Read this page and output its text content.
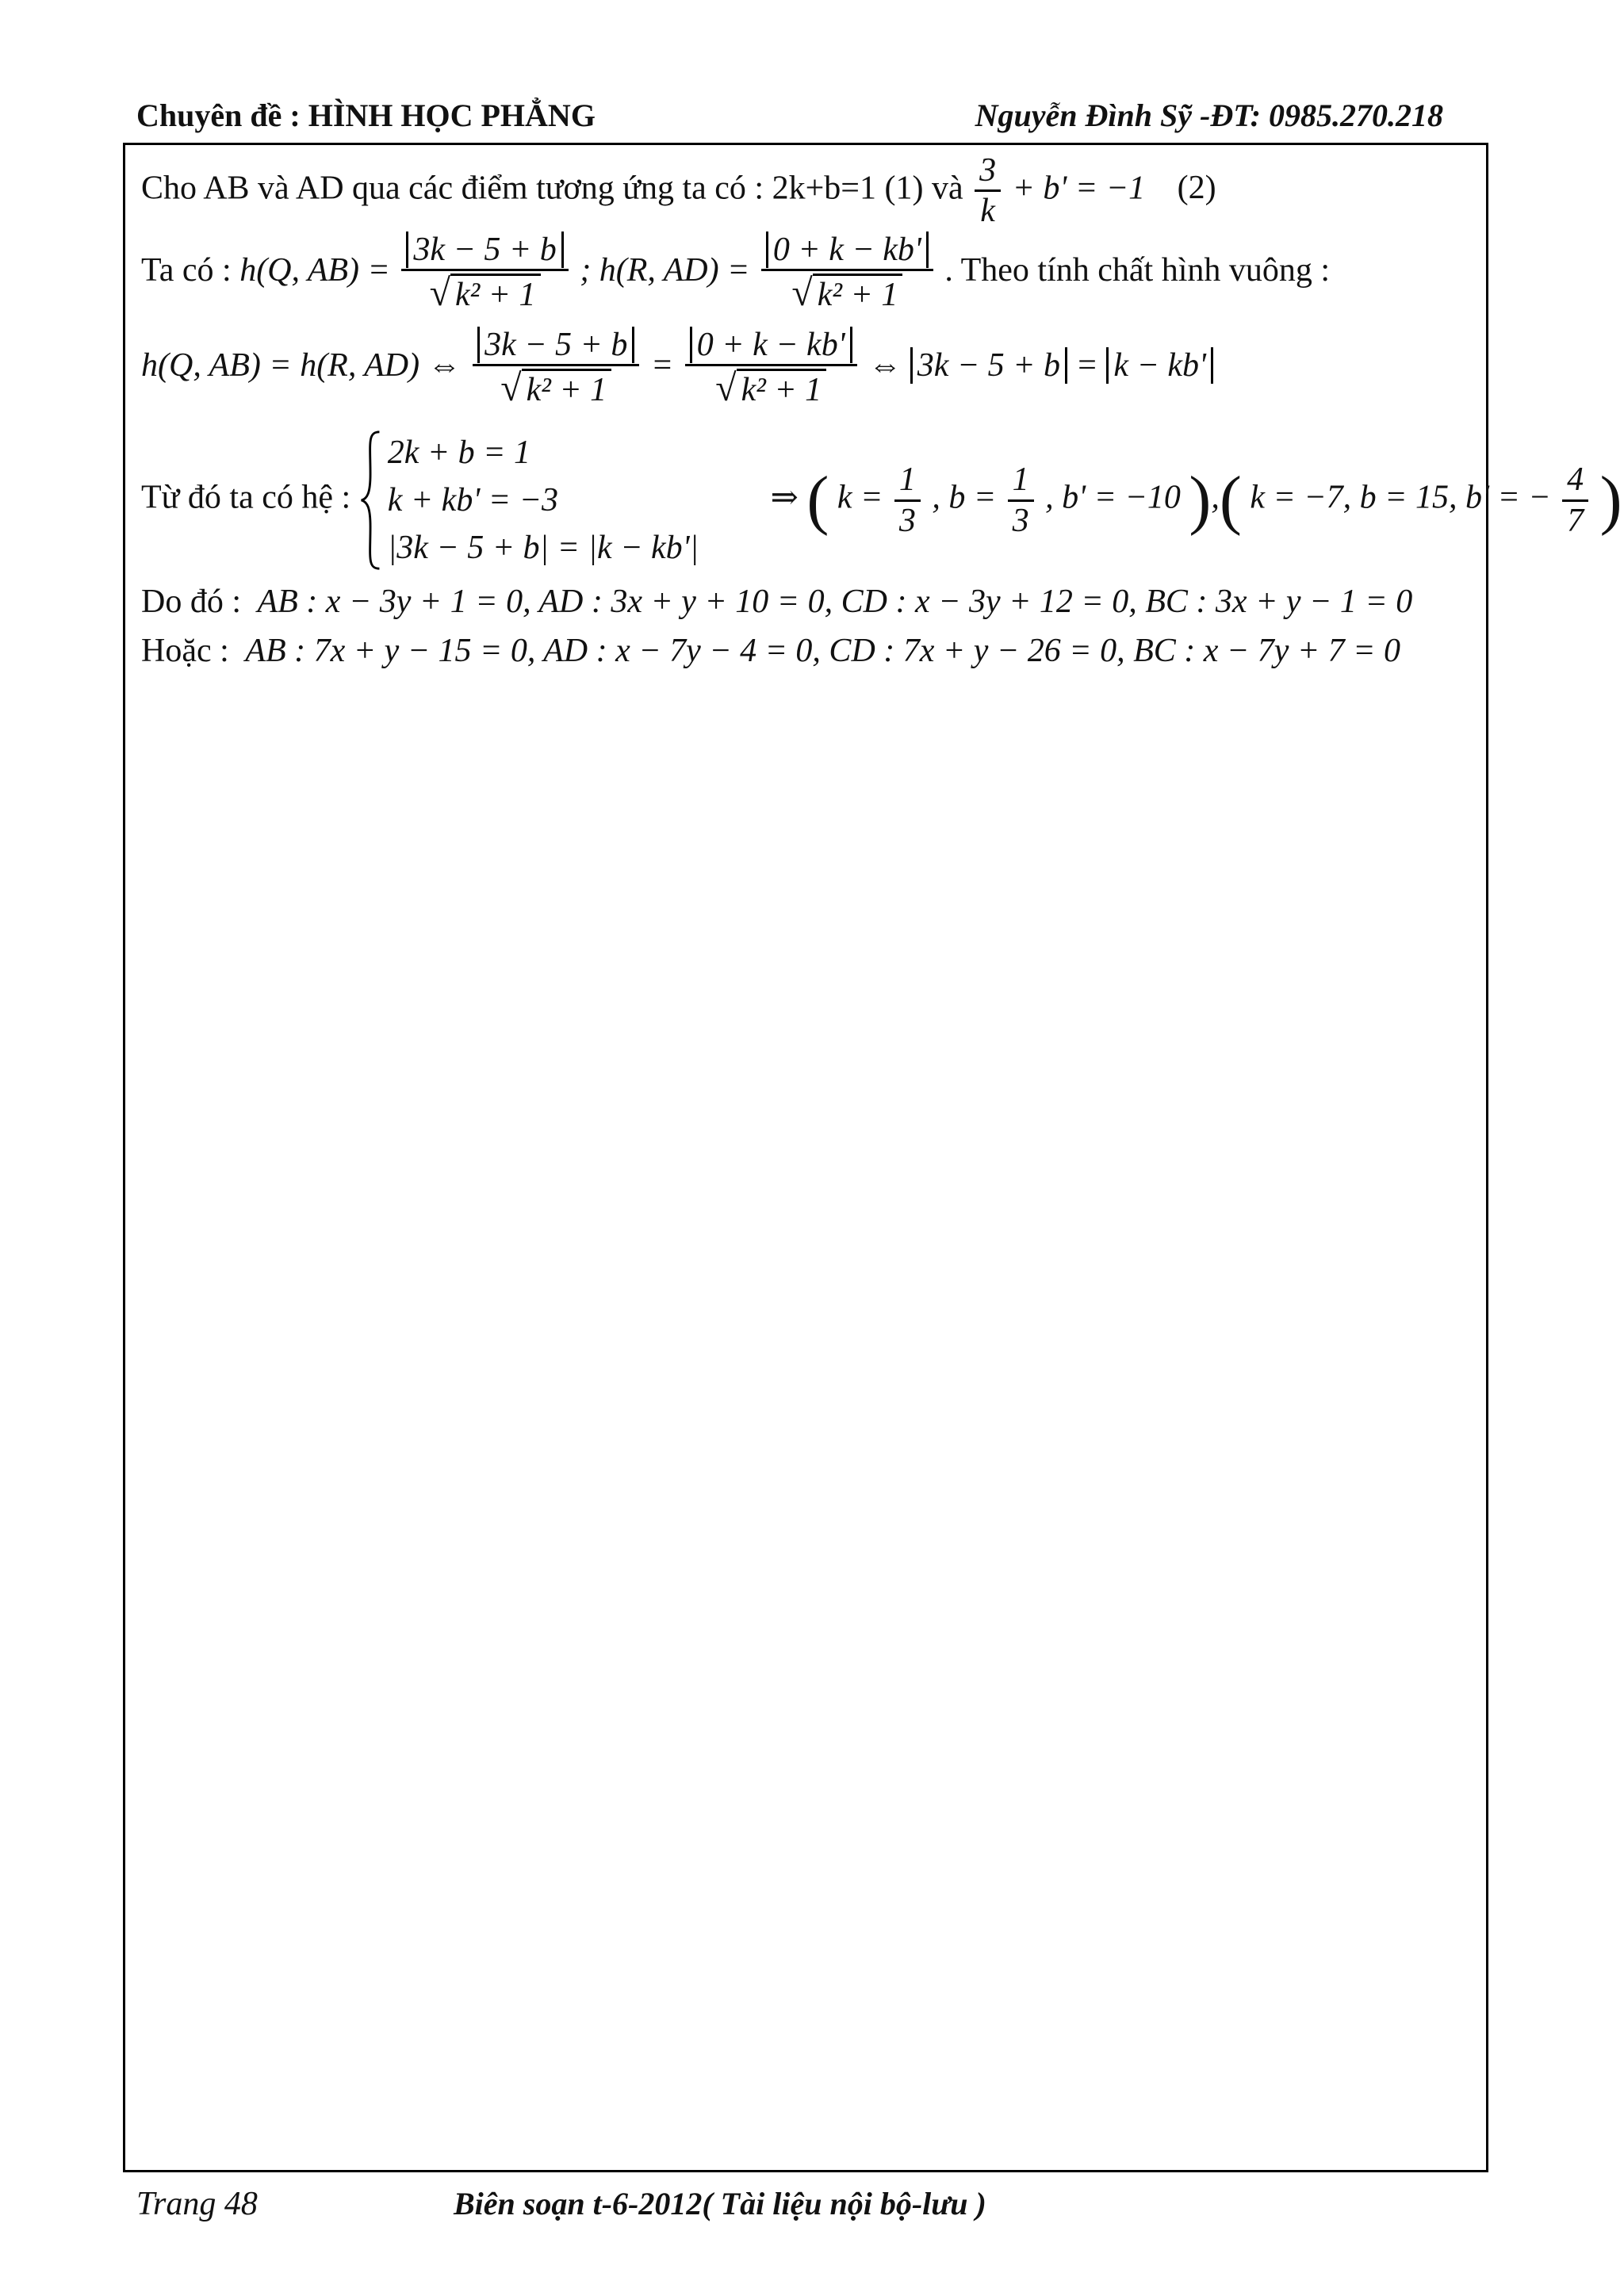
Chuyên đề : HÌNH HỌC PHẲNG	Nguyễn Đình Sỹ -ĐT: 0985.270.218
Cho AB và AD qua các điểm tương ứng ta có : 2k+b=1 (1) và $\frac{3}{k} + b' = -1$ (2)
Ta có : h(Q, $AB) = \frac{3k - 5 + b}{\text{√ k² + 1}}$ ; h(R, $AD) = \frac{0 + k - kb'}{\text{√ k² + 1}}$ . Theo tính chất hình vuông :
h(Q, AB) = h(R, AD) ⇔ $\frac{3k - 5 + b}{\text{√ k² + 1}} = \frac{0 + k - kb'}{\text{√ k² + 1}}$ ⇔ 3k − 5 + b = k − kb'
Từ đó ta có hệ :
2k + b = 1
k + kb' = −3
|3k − 5 + b| = |k − kb'|
⇒ ( $k = \frac{1}{3}$ , $b = \frac{1}{3}$ , b' = −10 ),( k = −7, b = 15, b' = − $\frac{4}{7}$ )
Do đó : AB : x − 3y + 1 = 0, AD : 3x + y + 10 = 0, CD : x − 3y + 12 = 0, BC : 3x + y − 1 = 0
Hoặc : AB : 7x + y − 15 = 0, AD : x − 7y − 4 = 0, CD : 7x + y − 26 = 0, BC : x − 7y + 7 = 0
Trang 48	Biên soạn t-6-2012( Tài liệu nội bộ-lưu )
